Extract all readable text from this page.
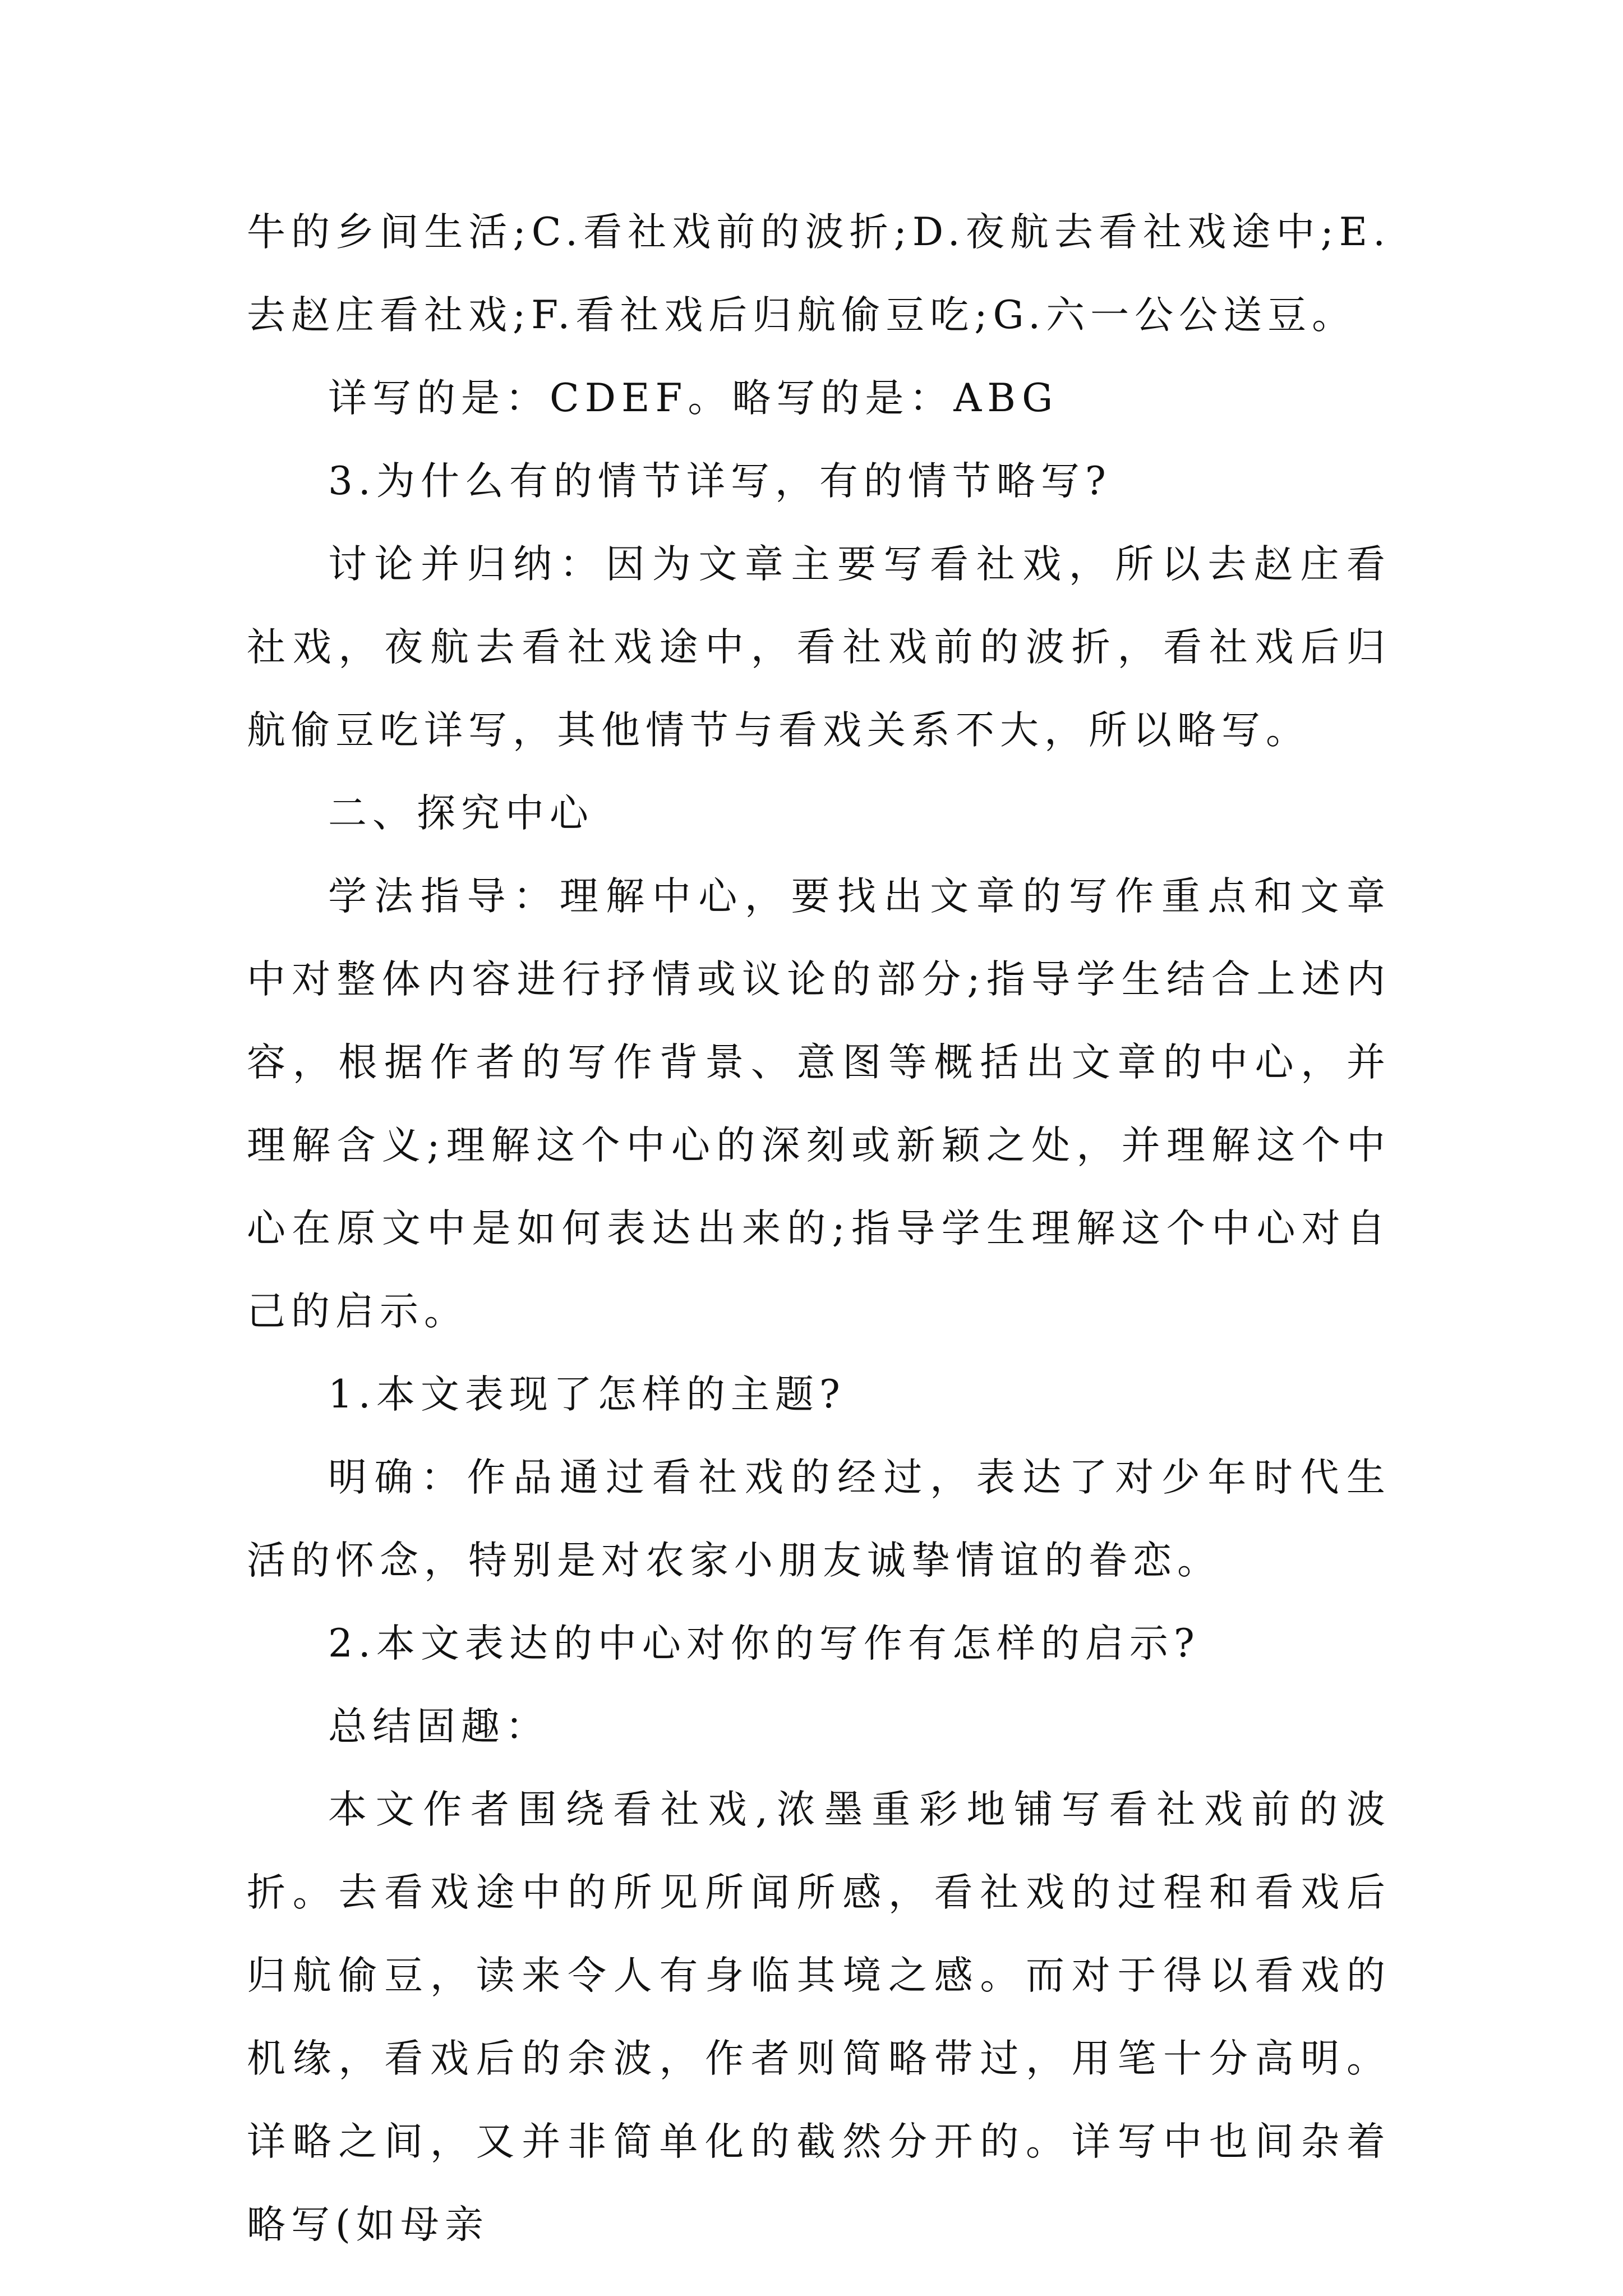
牛的乡间生活;C.看社戏前的波折;D.夜航去看社戏途中;E.去赵庄看社戏;F.看社戏后归航偷豆吃;G.六一公公送豆。

详写的是：CDEF。略写的是：ABG

3.为什么有的情节详写，有的情节略写?

讨论并归纳：因为文章主要写看社戏，所以去赵庄看社戏，夜航去看社戏途中，看社戏前的波折，看社戏后归航偷豆吃详写，其他情节与看戏关系不大，所以略写。

二、探究中心

学法指导：理解中心，要找出文章的写作重点和文章中对整体内容进行抒情或议论的部分;指导学生结合上述内容，根据作者的写作背景、意图等概括出文章的中心，并理解含义;理解这个中心的深刻或新颖之处，并理解这个中心在原文中是如何表达出来的;指导学生理解这个中心对自己的启示。

1.本文表现了怎样的主题?

明确：作品通过看社戏的经过，表达了对少年时代生活的怀念，特别是对农家小朋友诚挚情谊的眷恋。

2.本文表达的中心对你的写作有怎样的启示?

总结固趣：

本文作者围绕看社戏,浓墨重彩地铺写看社戏前的波折。去看戏途中的所见所闻所感，看社戏的过程和看戏后归航偷豆，读来令人有身临其境之感。而对于得以看戏的机缘，看戏后的余波，作者则简略带过，用笔十分高明。详略之间，又并非简单化的截然分开的。详写中也间杂着略写(如母亲
